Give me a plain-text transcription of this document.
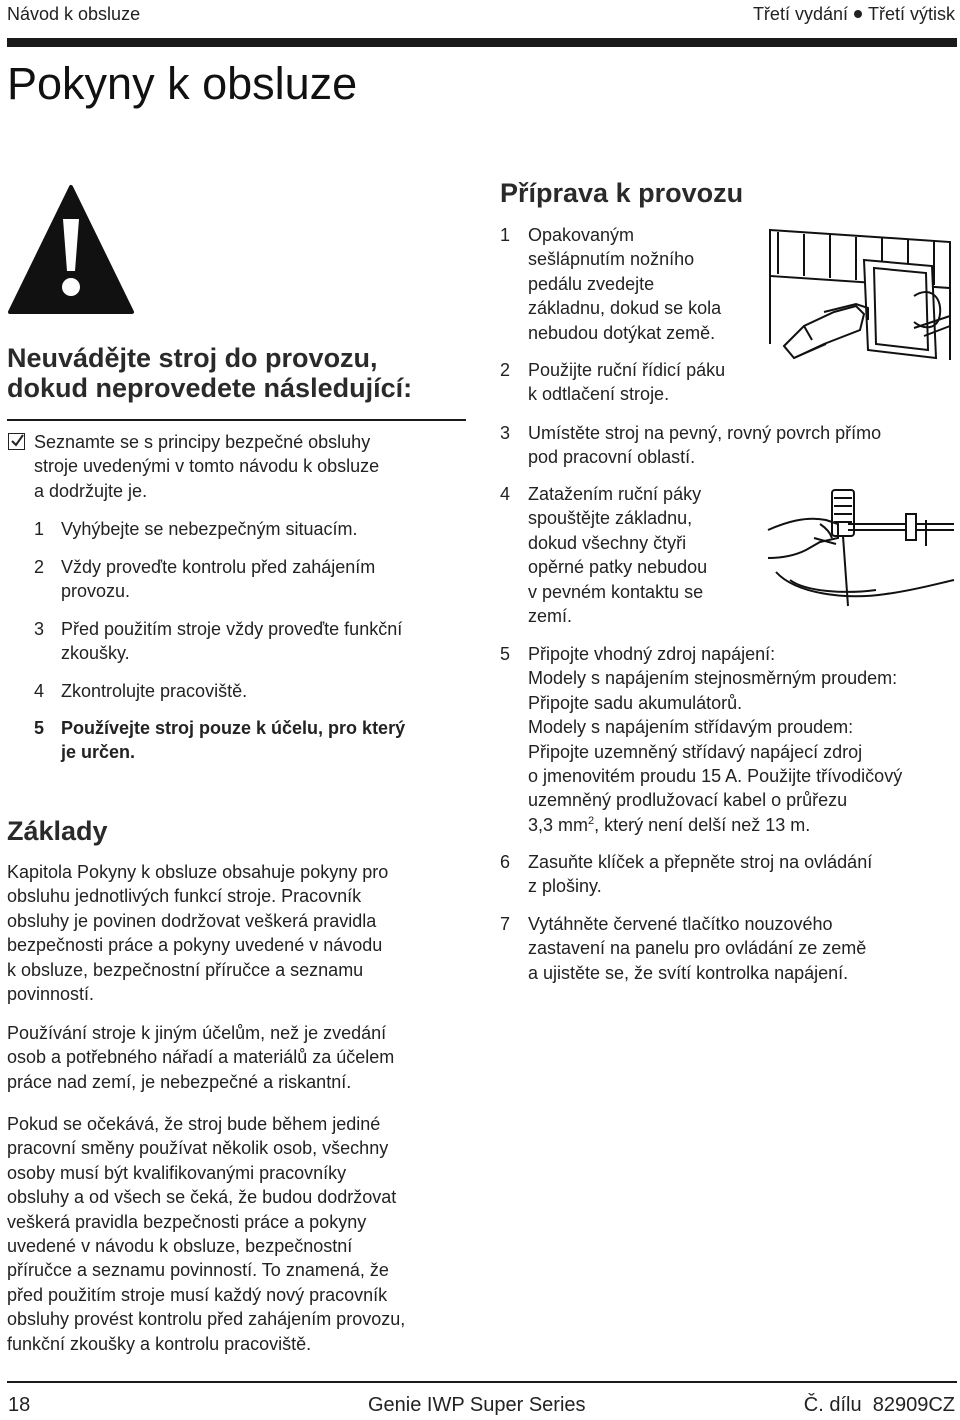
Návod k obsluze	Třetí vydání Třetí výtisk
Pokyny k obsluze
Neuvádějte stroj do provozu,
dokud neprovedete následující:
Seznamte se s principy bezpečné obsluhy
stroje uvedenými v tomto návodu k obsluze
a dodržujte je.
1 Vyhýbejte se nebezpečným situacím.
2 Vždy proveďte kontrolu před zahájením
provozu.
3 Před použitím stroje vždy proveďte funkční
zkoušky.
4 Zkontrolujte pracoviště.
5 Používejte stroj pouze k účelu, pro který
je určen.
Základy
Kapitola Pokyny k obsluze obsahuje pokyny pro
obsluhu jednotlivých funkcí stroje. Pracovník
obsluhy je povinen dodržovat veškerá pravidla
bezpečnosti práce a pokyny uvedené v návodu
k obsluze, bezpečnostní příručce a seznamu
povinností.
Používání stroje k jiným účelům, než je zvedání
osob a potřebného nářadí a materiálů za účelem
práce nad zemí, je nebezpečné a riskantní.
Pokud se očekává, že stroj bude během jediné
pracovní směny používat několik osob, všechny
osoby musí být kvalifikovanými pracovníky
obsluhy a od všech se čeká, že budou dodržovat
veškerá pravidla bezpečnosti práce a pokyny
uvedené v návodu k obsluze, bezpečnostní
příručce a seznamu povinností. To znamená, že
před použitím stroje musí každý nový pracovník
obsluhy provést kontrolu před zahájením provozu,
funkční zkoušky a kontrolu pracoviště.
Příprava k provozu
1 Opakovaným
sešlápnutím nožního
pedálu zvedejte
základnu, dokud se kola
nebudou dotýkat země.
2 Použijte ruční řídicí páku
k odtlačení stroje.
3 Umístěte stroj na pevný, rovný povrch přímo
pod pracovní oblastí.
4 Zatažením ruční páky
spouštějte základnu,
dokud všechny čtyři
opěrné patky nebudou
v pevném kontaktu se
zemí.
5 Připojte vhodný zdroj napájení:
Modely s napájením stejnosměrným proudem:
Připojte sadu akumulátorů.
Modely s napájením střídavým proudem:
Připojte uzemněný střídavý napájecí zdroj
o jmenovitém proudu 15 A. Použijte třívodičový
uzemněný prodlužovací kabel o průřezu
3,3 $mm^2$, který není delší než 13 m.
6 Zasuňte klíček a přepněte stroj na ovládání
z plošiny.
7 Vytáhněte červené tlačítko nouzového
zastavení na panelu pro ovládání ze země
a ujistěte se, že svítí kontrolka napájení.
18	Genie IWP Super Series	Č. dílu  82909CZ
